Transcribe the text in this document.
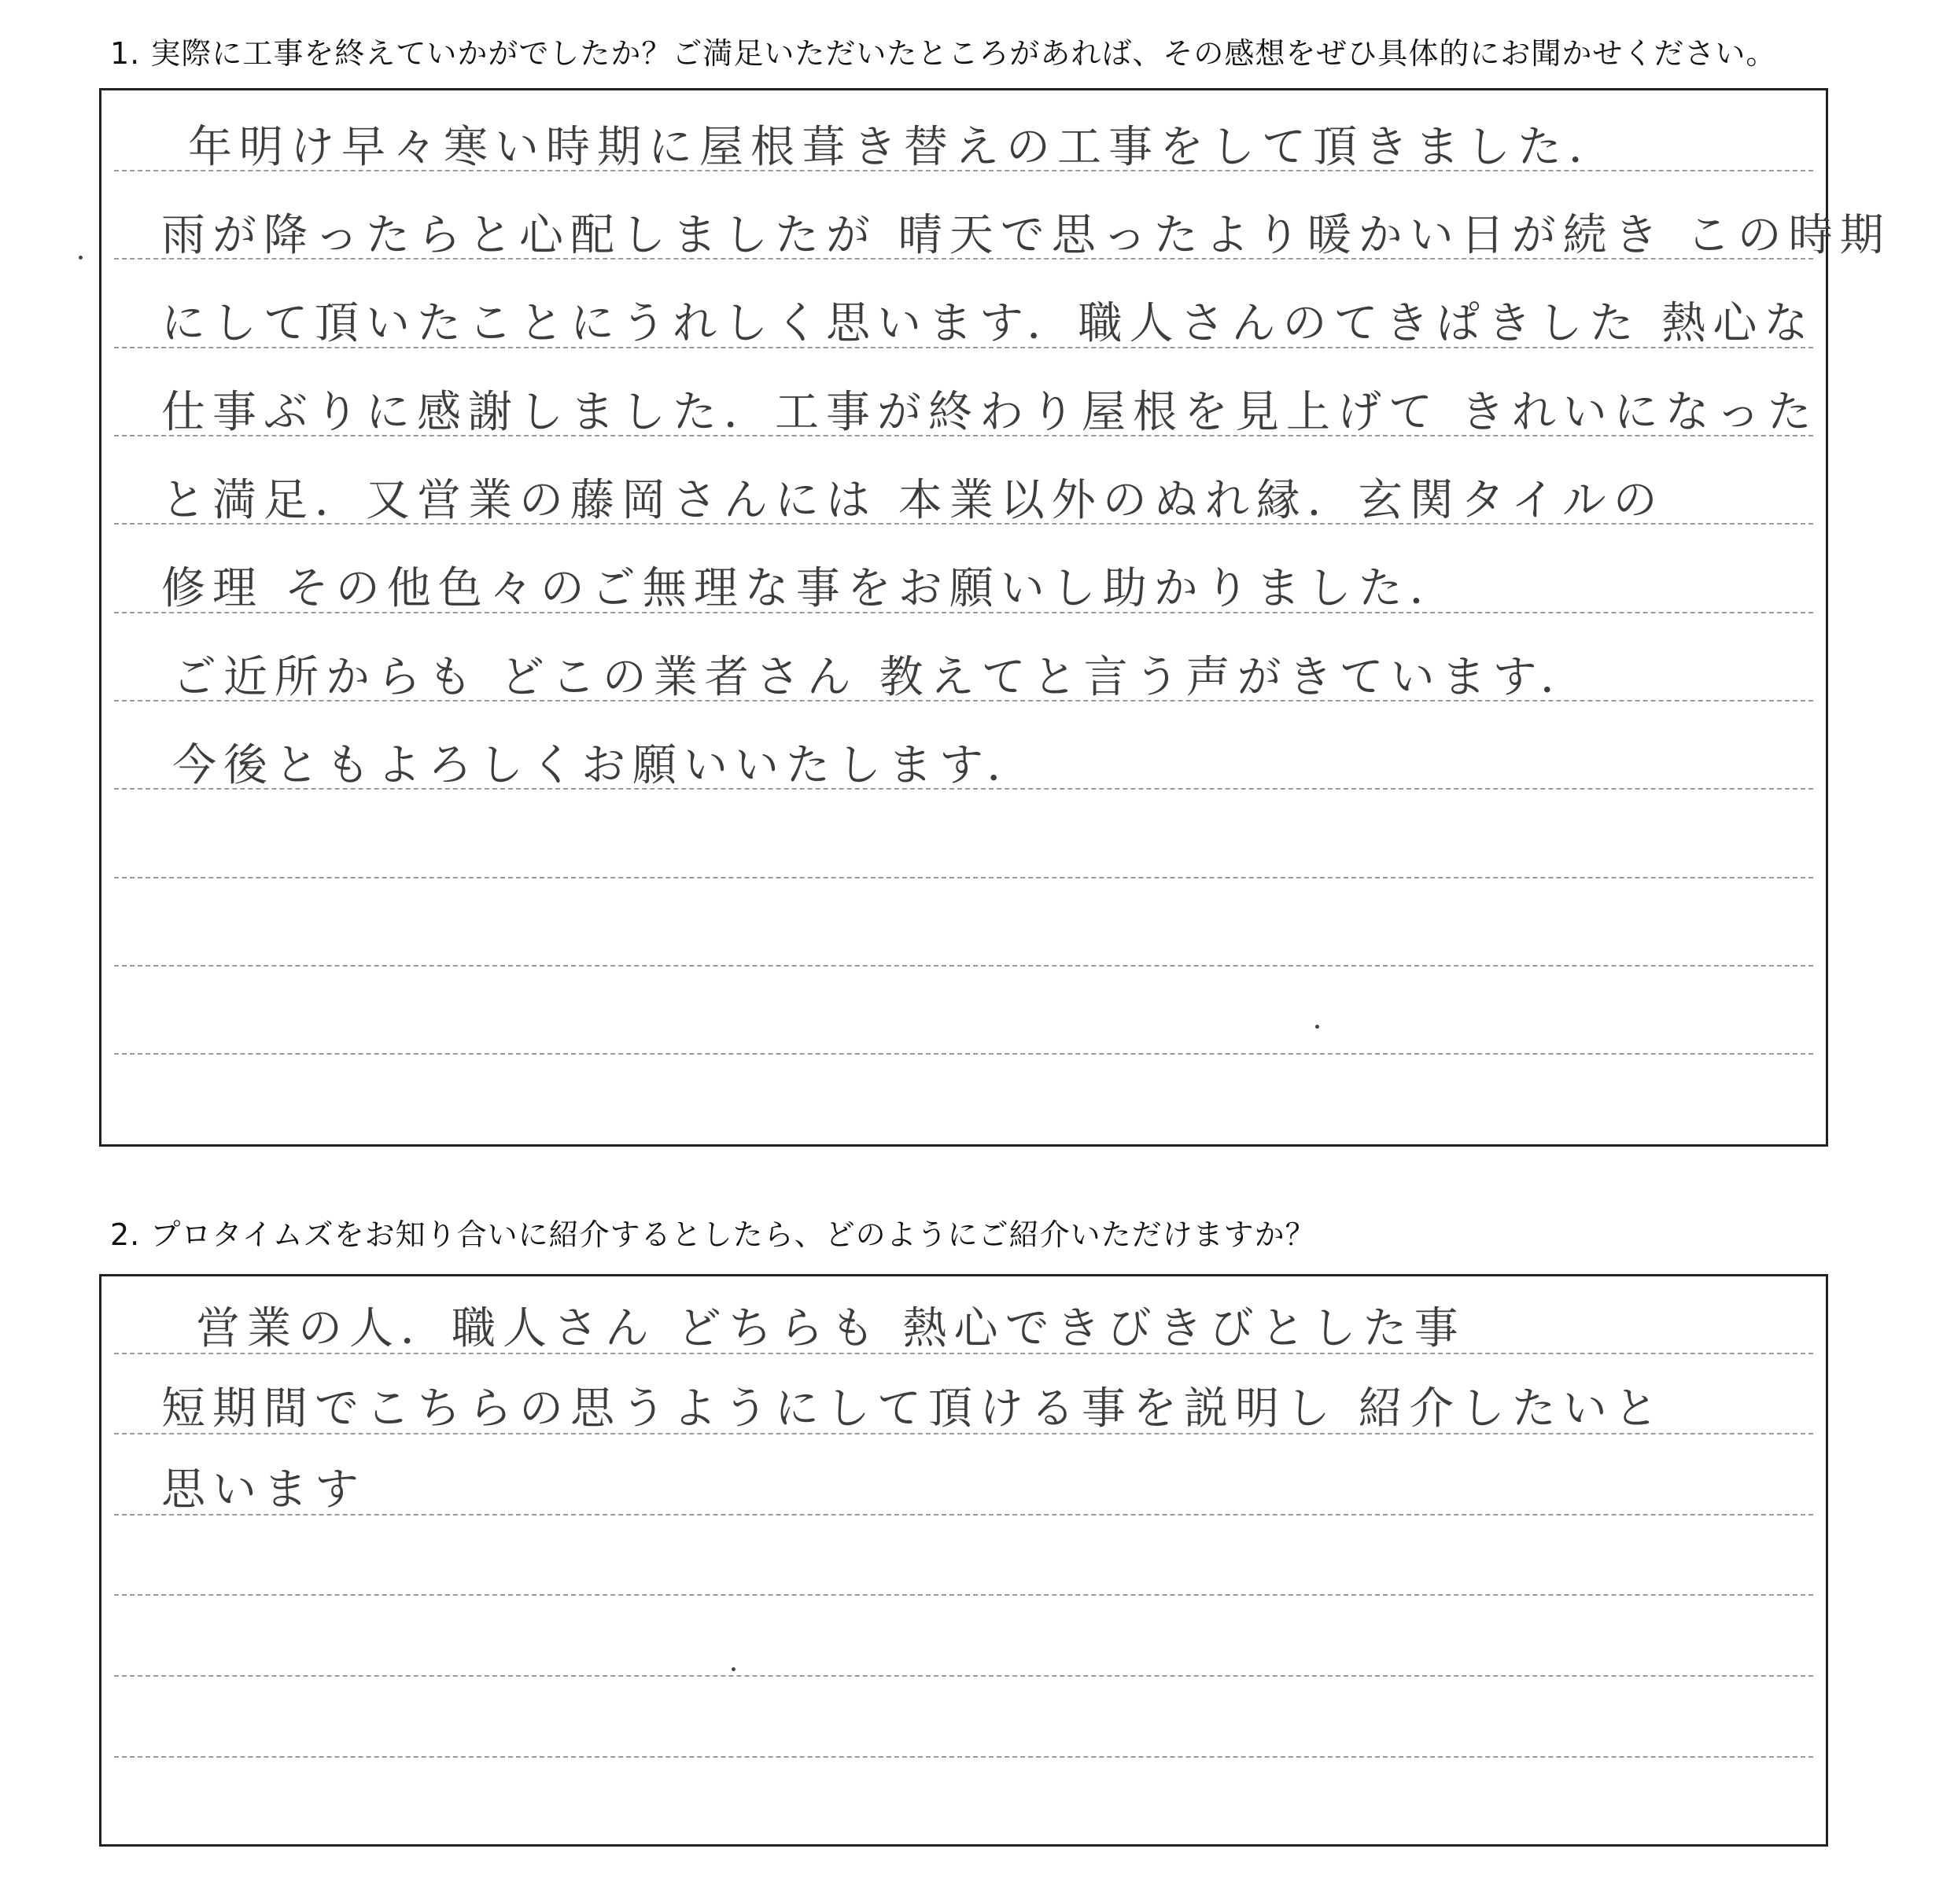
1. 実際に工事を終えていかがでしたか？ご満足いただいたところがあれば、その感想をぜひ具体的にお聞かせください。
年明け早々寒い時期に屋根葺き替えの工事をして頂きました．
雨が降ったらと心配しましたが 晴天で思ったより暖かい日が続き この時期
にして頂いたことにうれしく思います．職人さんのてきぱきした 熱心な
仕事ぶりに感謝しました．工事が終わり屋根を見上げて きれいになった
と満足．又営業の藤岡さんには 本業以外のぬれ縁．玄関タイルの
修理 その他色々のご無理な事をお願いし助かりました．
ご近所からも どこの業者さん 教えてと言う声がきています．
今後ともよろしくお願いいたします．
2. プロタイムズをお知り合いに紹介するとしたら、どのようにご紹介いただけますか？
営業の人．職人さん どちらも 熱心できびきびとした事
短期間でこちらの思うようにして頂ける事を説明し 紹介したいと
思います
